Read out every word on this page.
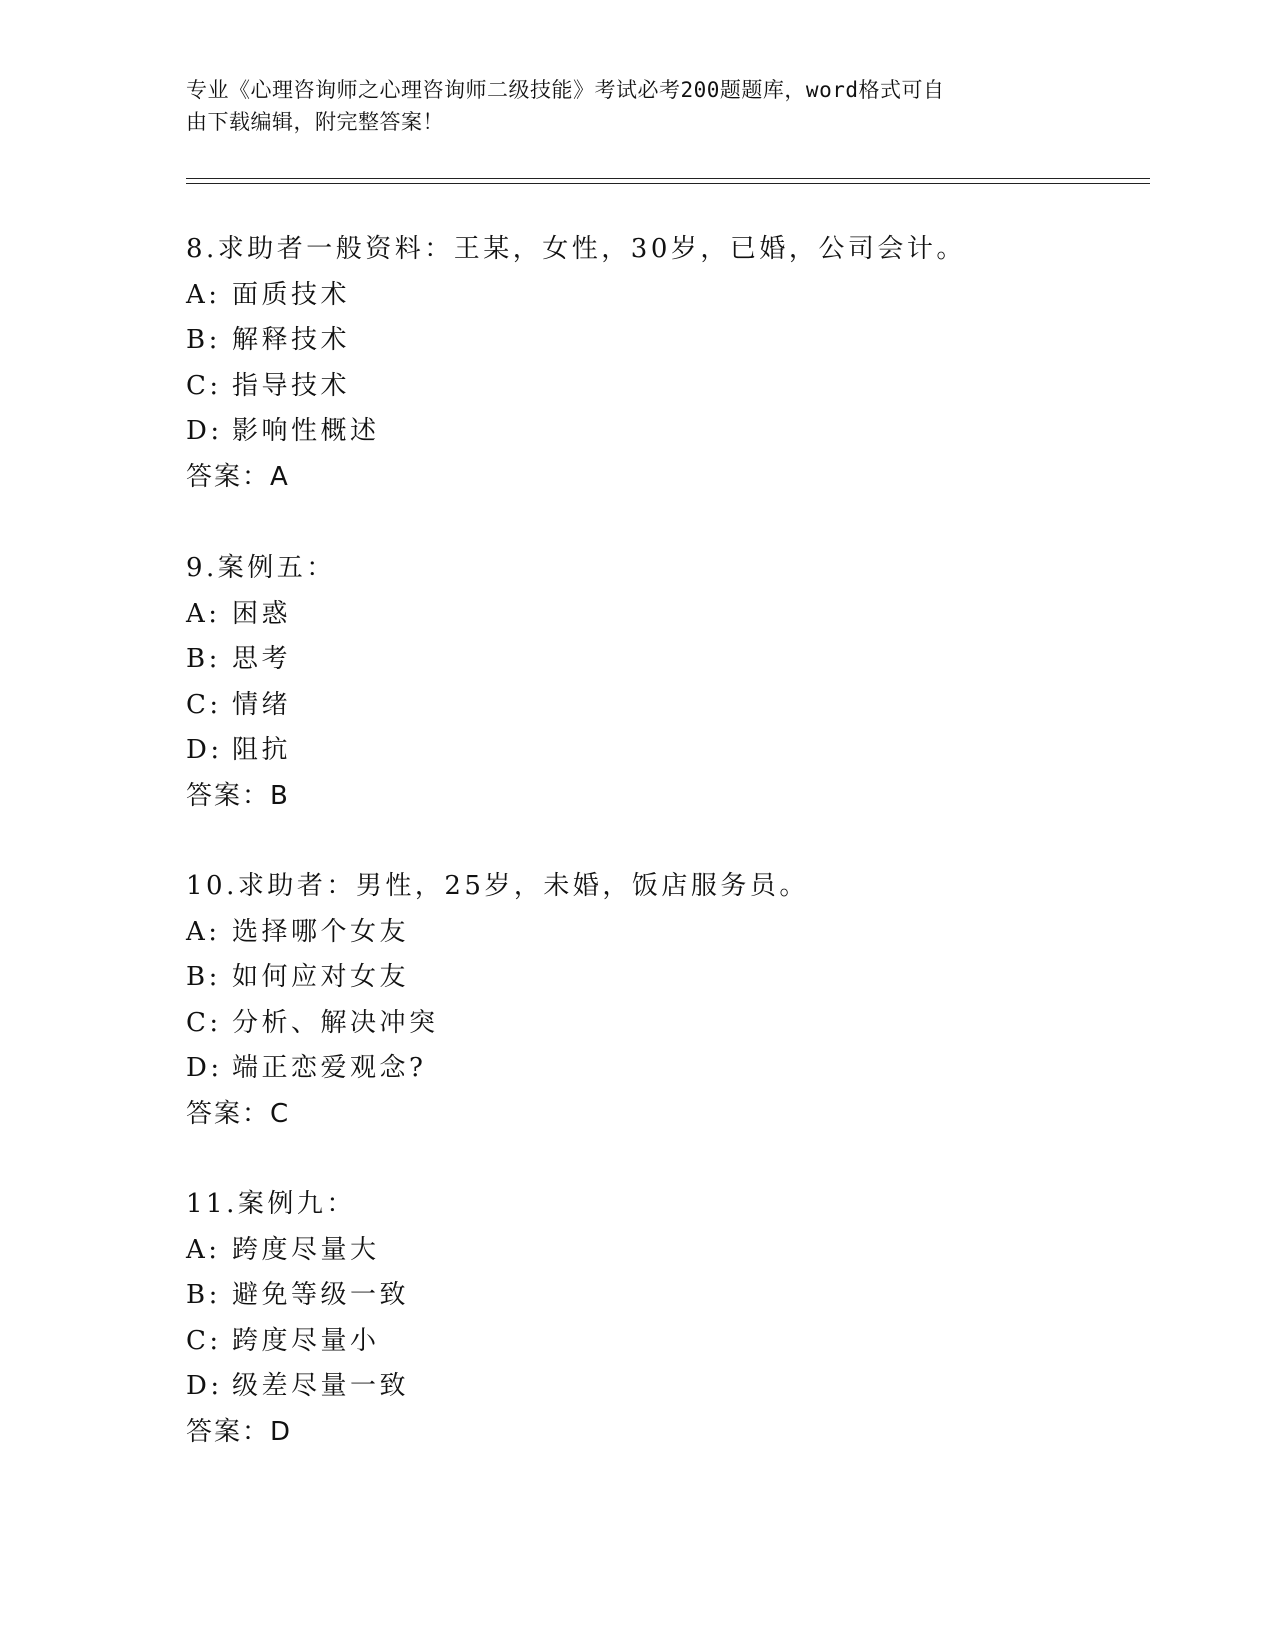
专业《心理咨询师之心理咨询师二级技能》考试必考200题题库，word格式可自
由下载编辑，附完整答案！
8.求助者一般资料：王某，女性，30岁，已婚，公司会计。
A: 面质技术
B: 解释技术
C: 指导技术
D: 影响性概述
答案：A
9.案例五：
A: 困惑
B: 思考
C: 情绪
D: 阻抗
答案：B
10.求助者：男性，25岁，未婚，饭店服务员。
A: 选择哪个女友
B: 如何应对女友
C: 分析、解决冲突
D: 端正恋爱观念?
答案：C
11.案例九：
A: 跨度尽量大
B: 避免等级一致
C: 跨度尽量小
D: 级差尽量一致
答案：D
